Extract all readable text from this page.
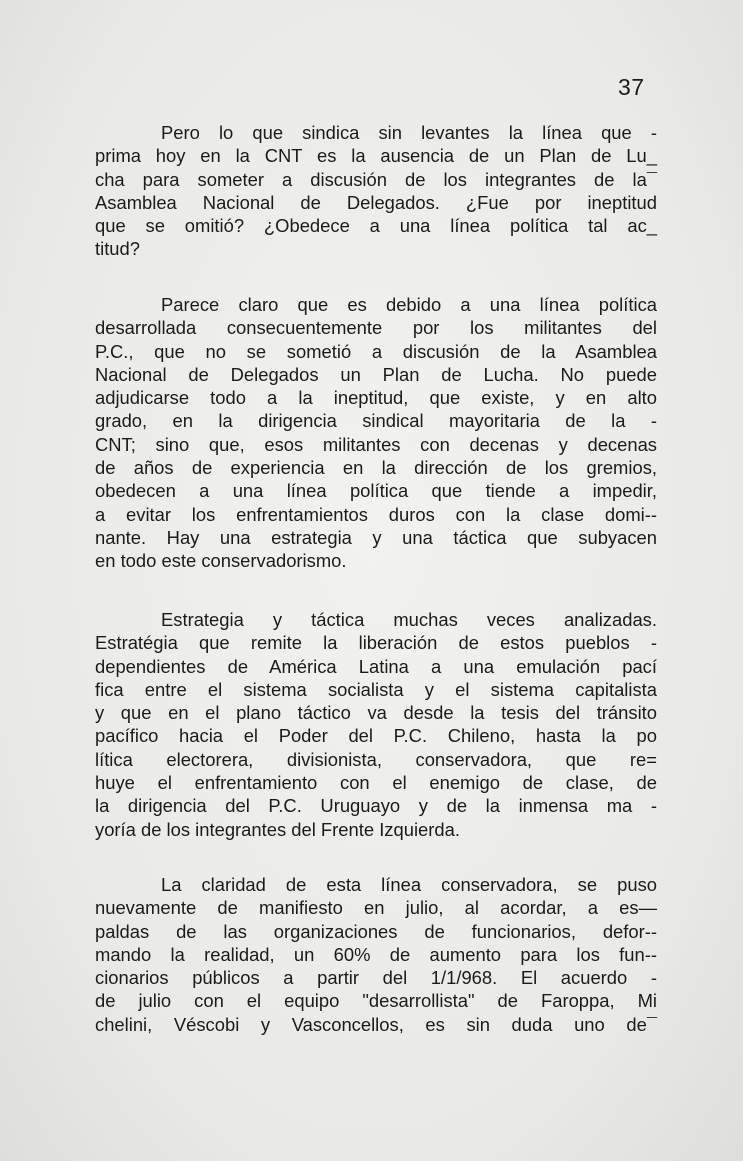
37

Pero lo que sindica sin levantes la línea que -
prima hoy en la CNT es la ausencia de un Plan de Lu_
cha para someter a discusión de los integrantes de la¯
Asamblea Nacional de Delegados. ¿Fue por ineptitud
que se omitió? ¿Obedece a una línea política tal ac_
titud?

Parece claro que es debido a una línea política
desarrollada consecuentemente por los militantes del
P.C., que no se sometió a discusión de la Asamblea
Nacional de Delegados un Plan de Lucha. No puede
adjudicarse todo a la ineptitud, que existe, y en alto
grado, en la dirigencia sindical mayoritaria de la -
CNT; sino que, esos militantes con decenas y decenas
de años de experiencia en la dirección de los gremios,
obedecen a una línea política que tiende a impedir,
a evitar los enfrentamientos duros con la clase domi--
nante. Hay una estrategia y una táctica que subyacen
en todo este conservadorismo.

Estrategia y táctica muchas veces analizadas.
Estratégia que remite la liberación de estos pueblos -
dependientes de América Latina a una emulación pací
fica entre el sistema socialista y el sistema capitalista
y que en el plano táctico va desde la tesis del tránsito
pacífico hacia el Poder del P.C. Chileno, hasta la po
lítica electorera, divisionista, conservadora, que re=
huye el enfrentamiento con el enemigo de clase, de
la dirigencia del P.C. Uruguayo y de la inmensa ma -
yoría de los integrantes del Frente Izquierda.

La claridad de esta línea conservadora, se puso
nuevamente de manifiesto en julio, al acordar, a es—
paldas de las organizaciones de funcionarios, defor--
mando la realidad, un 60% de aumento para los fun--
cionarios públicos a partir del 1/1/968. El acuerdo -
de julio con el equipo "desarrollista" de Faroppa, Mi
chelini, Véscobi y Vasconcellos, es sin duda uno de¯
